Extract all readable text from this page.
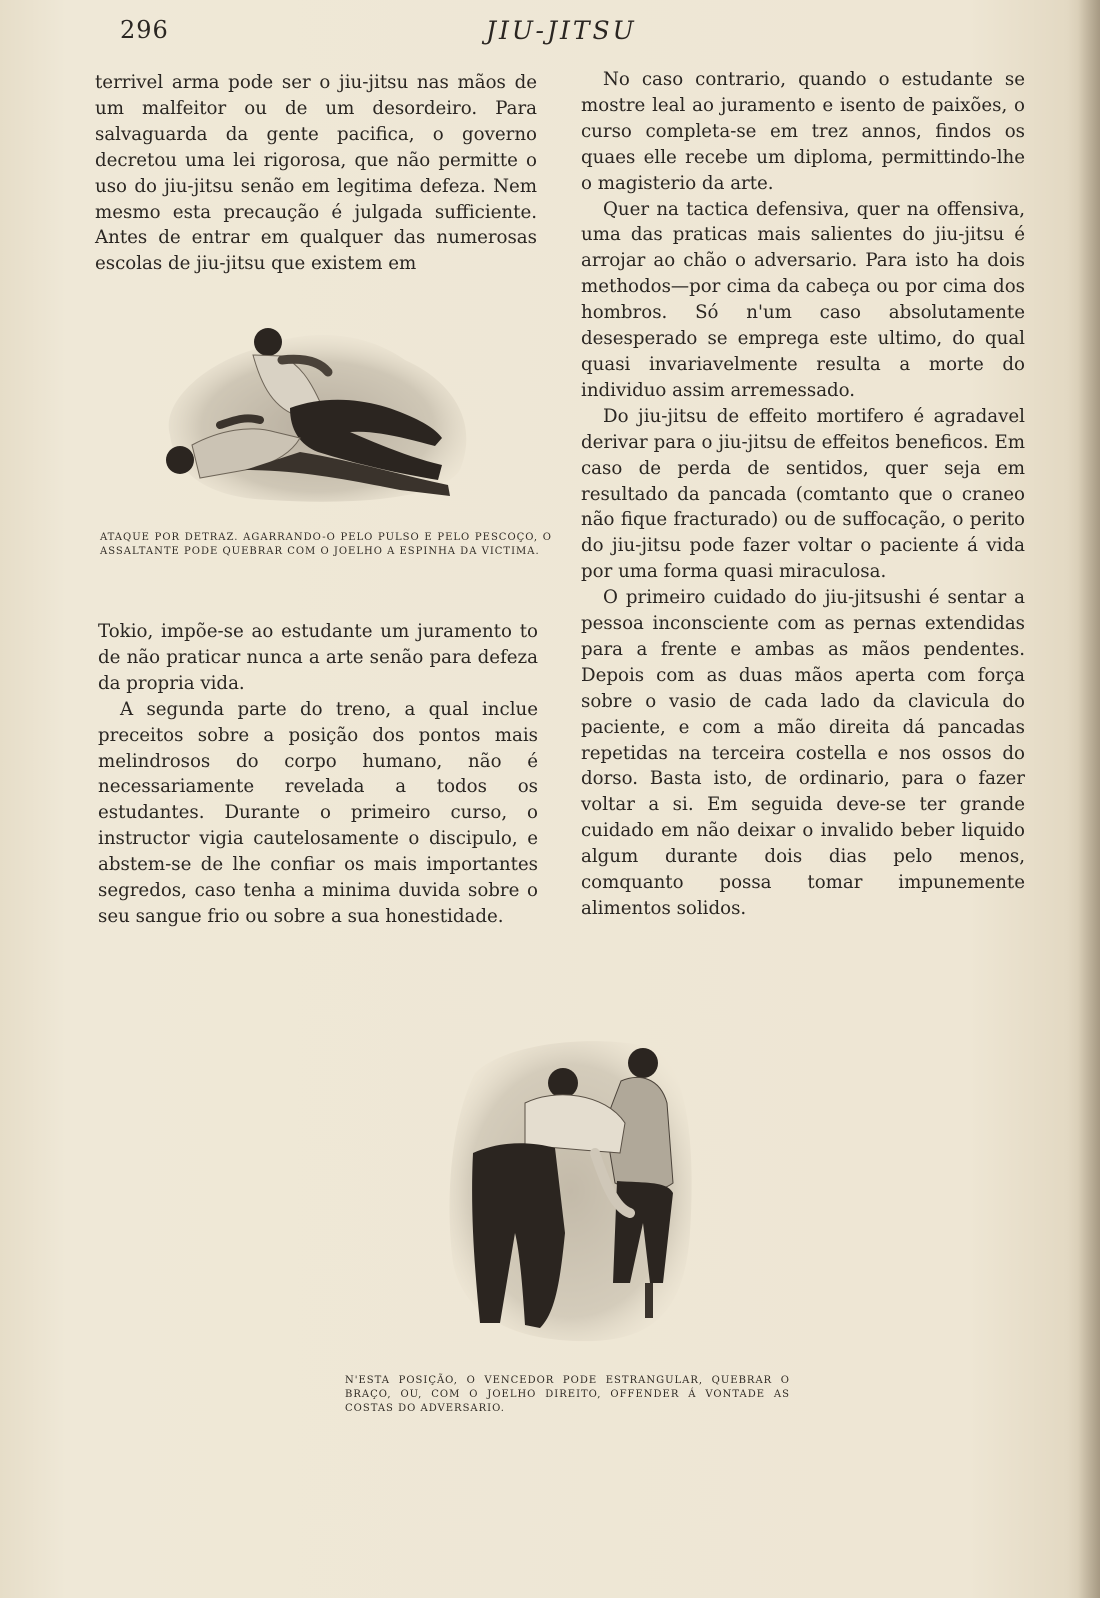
296	JIU-JITSU

terrivel arma pode ser o jiu-jitsu nas mãos de um malfeitor ou de um desordeiro. Para salvaguarda da gente pacifica, o governo decretou uma lei rigorosa, que não permitte o uso do jiu-jitsu senão em legitima defeza. Nem mesmo esta precaução é julgada sufficiente. Antes de entrar em qualquer das numerosas escolas de jiu-jitsu que existem em

ATAQUE POR DETRAZ. AGARRANDO-O PELO PULSO E PELO PESCOÇO, O ASSALTANTE PODE QUEBRAR COM O JOELHO A ESPINHA DA VICTIMA.

Tokio, impõe-se ao estudante um juramento to de não praticar nunca a arte senão para defeza da propria vida.

A segunda parte do treno, a qual inclue preceitos sobre a posição dos pontos mais melindrosos do corpo humano, não é necessariamente revelada a todos os estudantes. Durante o primeiro curso, o instructor vigia cautelosamente o discipulo, e abstem-se de lhe confiar os mais importantes segredos, caso tenha a minima duvida sobre o seu sangue frio ou sobre a sua honestidade.

No caso contrario, quando o estudante se mostre leal ao juramento e isento de paixões, o curso completa-se em trez annos, findos os quaes elle recebe um diploma, permittindo-lhe o magisterio da arte.

Quer na tactica defensiva, quer na offensiva, uma das praticas mais salientes do jiu-jitsu é arrojar ao chão o adversario. Para isto ha dois methodos—por cima da cabeça ou por cima dos hombros. Só n'um caso absolutamente desesperado se emprega este ultimo, do qual quasi invariavelmente resulta a morte do individuo assim arremessado.

Do jiu-jitsu de effeito mortifero é agradavel derivar para o jiu-jitsu de effeitos beneficos. Em caso de perda de sentidos, quer seja em resultado da pancada (comtanto que o craneo não fique fracturado) ou de suffocação, o perito do jiu-jitsu pode fazer voltar o paciente á vida por uma forma quasi miraculosa.

O primeiro cuidado do jiu-jitsushi é sentar a pessoa inconsciente com as pernas extendidas para a frente e ambas as mãos pendentes. Depois com as duas mãos aperta com força sobre o vasio de cada lado da clavicula do paciente, e com a mão direita dá pancadas repetidas na terceira costella e nos ossos do dorso. Basta isto, de ordinario, para o fazer voltar a si. Em seguida deve-se ter grande cuidado em não deixar o invalido beber liquido algum durante dois dias pelo menos, comquanto possa tomar impunemente alimentos solidos.

N'ESTA POSIÇÃO, O VENCEDOR PODE ESTRANGULAR, QUEBRAR O BRAÇO, OU, COM O JOELHO DIREITO, OFFENDER Á VONTADE AS COSTAS DO ADVERSARIO.
